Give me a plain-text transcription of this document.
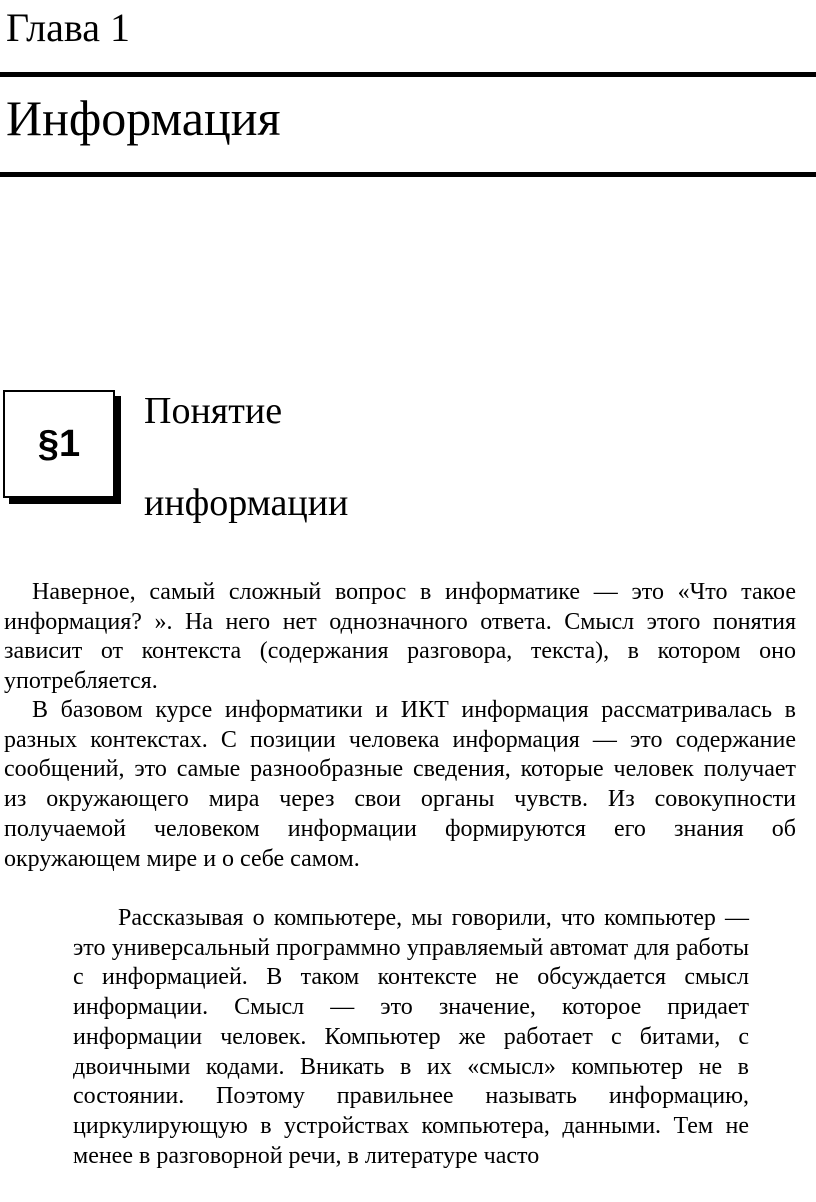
Глава 1
Информация
§1
Понятие
информации
Наверное, самый сложный вопрос в информатике — это «Что такое информация? ». На него нет однозначного ответа. Смысл этого понятия зависит от контекста (содержания разговора, текста), в котором оно употребляется.
В базовом курсе информатики и ИКТ информация рассматривалась в разных контекстах. С позиции человека информация — это содержание сообщений, это самые разнообразные сведения, которые человек получает из окружающего мира через свои органы чувств. Из совокупности получаемой человеком информации формируются его знания об окружающем мире и о себе самом.
Рассказывая о компьютере, мы говорили, что компьютер — это универсальный программно управляемый автомат для работы с информацией. В таком контексте не обсуждается смысл информации. Смысл — это значение, которое придает информации человек. Компьютер же работает с битами, с двоичными кодами. Вникать в их «смысл» компьютер не в состоянии. Поэтому правильнее называть информацию, циркулирующую в устройствах компьютера, данными. Тем не менее в разговорной речи, в литературе часто
